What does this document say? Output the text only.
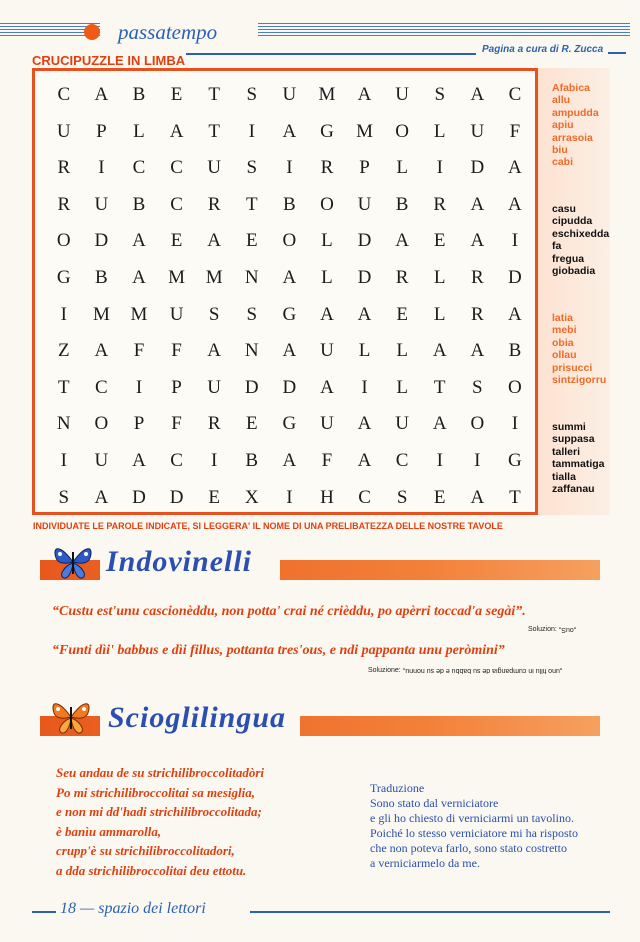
passatempo
CRUCIPUZZLE IN LIMBA
Pagina a cura di R. Zucca
C	A	B	E	T	S	U	M	A	U	S	A	C
U	P	L	A	T	I	A	G	M	O	L	U	F
R	I	C	C	U	S	I	R	P	L	I	D	A
R	U	B	C	R	T	B	O	U	B	R	A	A
O	D	A	E	A	E	O	L	D	A	E	A	I
G	B	A	M	M	N	A	L	D	R	L	R	D
I	M	M	U	S	S	G	A	A	E	L	R	A
Z	A	F	F	A	N	A	U	L	L	A	A	B
T	C	I	P	U	D	D	A	I	L	T	S	O
N	O	P	F	R	E	G	U	A	U	A	O	I
I	U	A	C	I	B	A	F	A	C	I	I	G
S	A	D	D	E	X	I	H	C	S	E	A	T
Afabica
allu
ampudda
apiu
arrasoia
biu
cabi
casu
cipudda
eschixedda
fa
fregua
giobadia
latia
mebi
obia
ollau
prisucci
sintzigorru
summi
suppasa
talleri
tammatiga
tialla
zaffanau
INDIVIDUATE LE PAROLE INDICATE, SI LEGGERA' IL NOME DI UNA PRELIBATEZZA DELLE NOSTRE TAVOLE
Indovinelli
“Custu est'unu cascionèddu, non potta' crai né crièddu, po apèrri toccad'a segài”.
Soluzion: „ouS„
“Funti dìi' babbus e dìi fillus, pottanta tres'ous, e ndi pappanta unu peròmini”
Soluzione: „uno fillu in cumpangia de su babbu e de su nonnu„
Scioglilingua
Seu andau de su strichilibroccolitadòri
Po mi strichilibroccolitai sa mesiglia,
e non mi dd'hadi strichilibroccolitada;
è banìu ammarolla,
crupp'è su strichilibroccolitadori,
a dda strichilibroccolitai deu ettotu.
Traduzione
Sono stato dal verniciatore
e gli ho chiesto di verniciarmi un tavolino.
Poiché lo stesso verniciatore mi ha risposto
che non poteva farlo, sono stato costretto
a verniciarmelo da me.
18 — spazio dei lettori
